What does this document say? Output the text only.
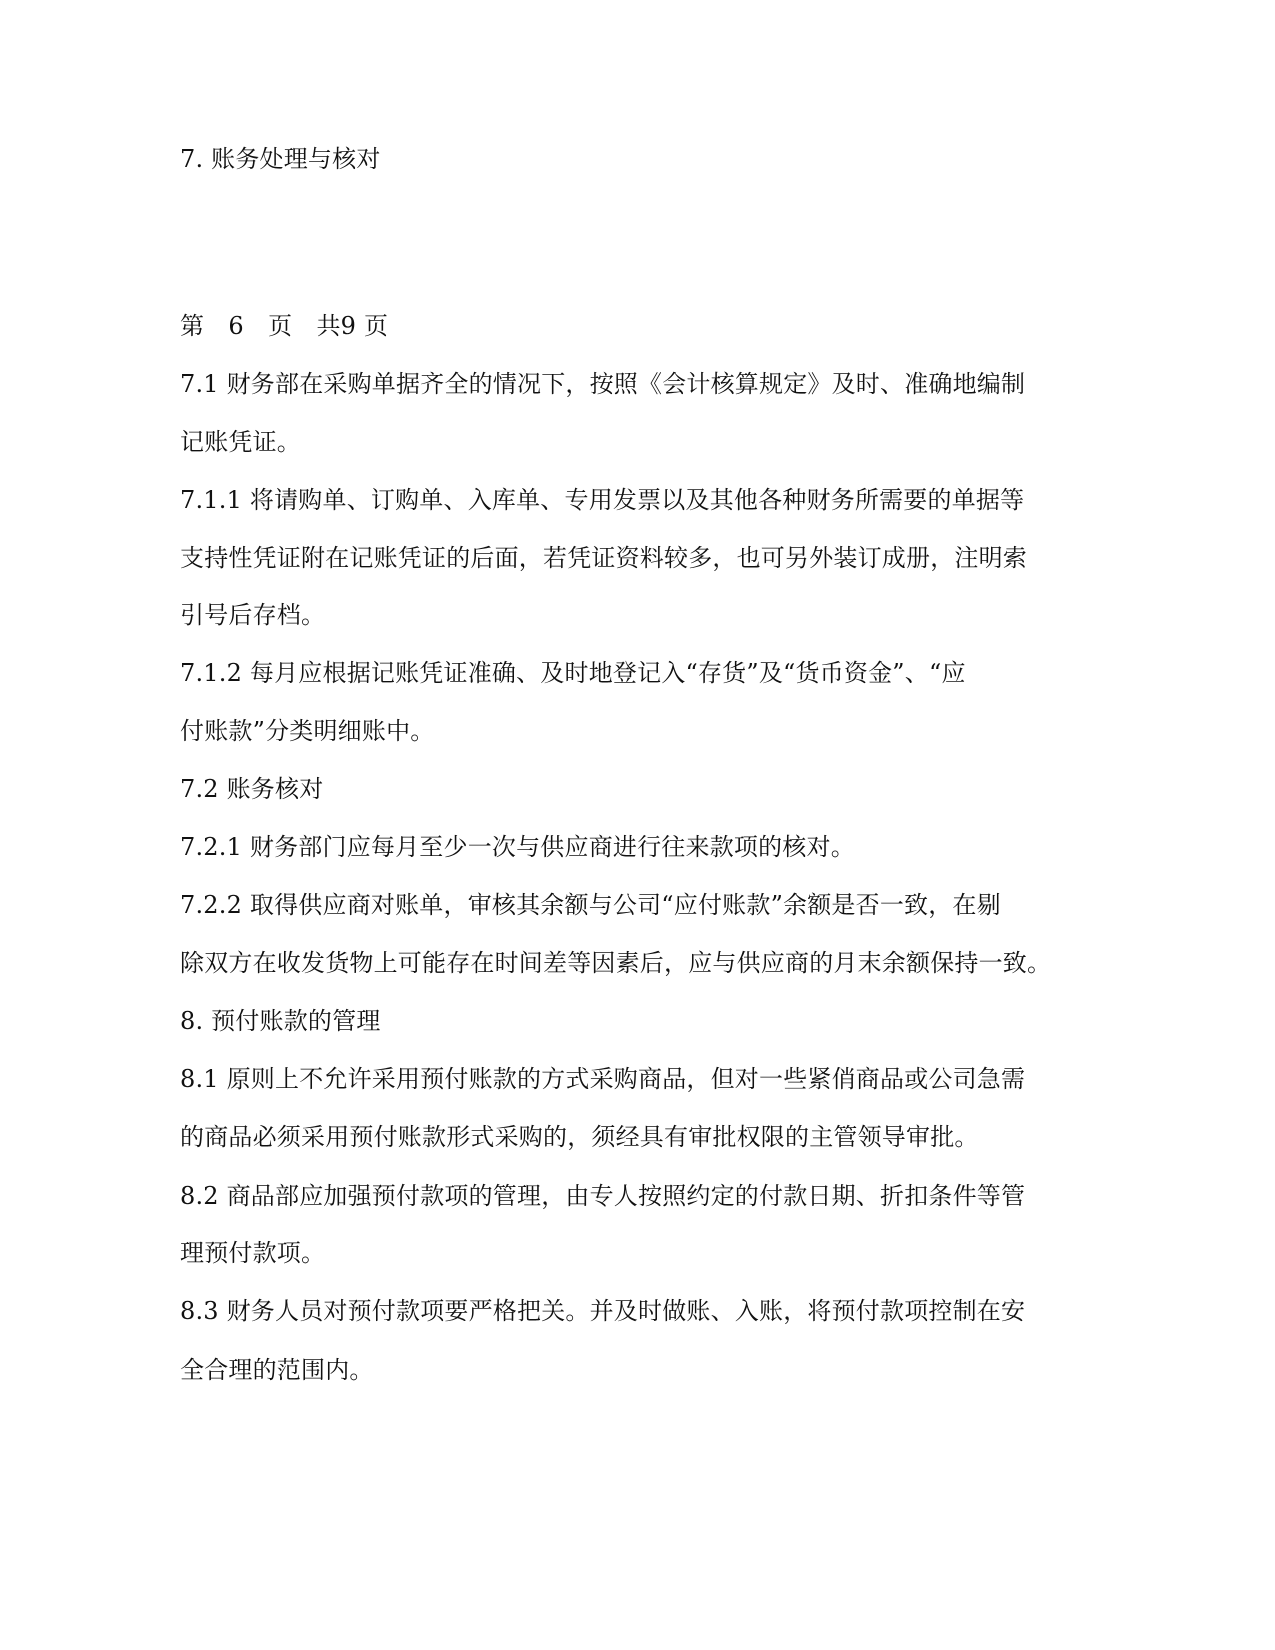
7. 账务处理与核对
第　6　页　共9 页
7.1 财务部在采购单据齐全的情况下，按照《会计核算规定》及时、准确地编制
记账凭证。
7.1.1 将请购单、订购单、入库单、专用发票以及其他各种财务所需要的单据等
支持性凭证附在记账凭证的后面，若凭证资料较多，也可另外装订成册，注明索
引号后存档。
7.1.2 每月应根据记账凭证准确、及时地登记入“存货”及“货币资金”、“应
付账款”分类明细账中。
7.2 账务核对
7.2.1 财务部门应每月至少一次与供应商进行往来款项的核对。
7.2.2 取得供应商对账单，审核其余额与公司“应付账款”余额是否一致，在剔
除双方在收发货物上可能存在时间差等因素后，应与供应商的月末余额保持一致。
8. 预付账款的管理
8.1 原则上不允许采用预付账款的方式采购商品，但对一些紧俏商品或公司急需
的商品必须采用预付账款形式采购的，须经具有审批权限的主管领导审批。
8.2 商品部应加强预付款项的管理，由专人按照约定的付款日期、折扣条件等管
理预付款项。
8.3 财务人员对预付款项要严格把关。并及时做账、入账，将预付款项控制在安
全合理的范围内。
